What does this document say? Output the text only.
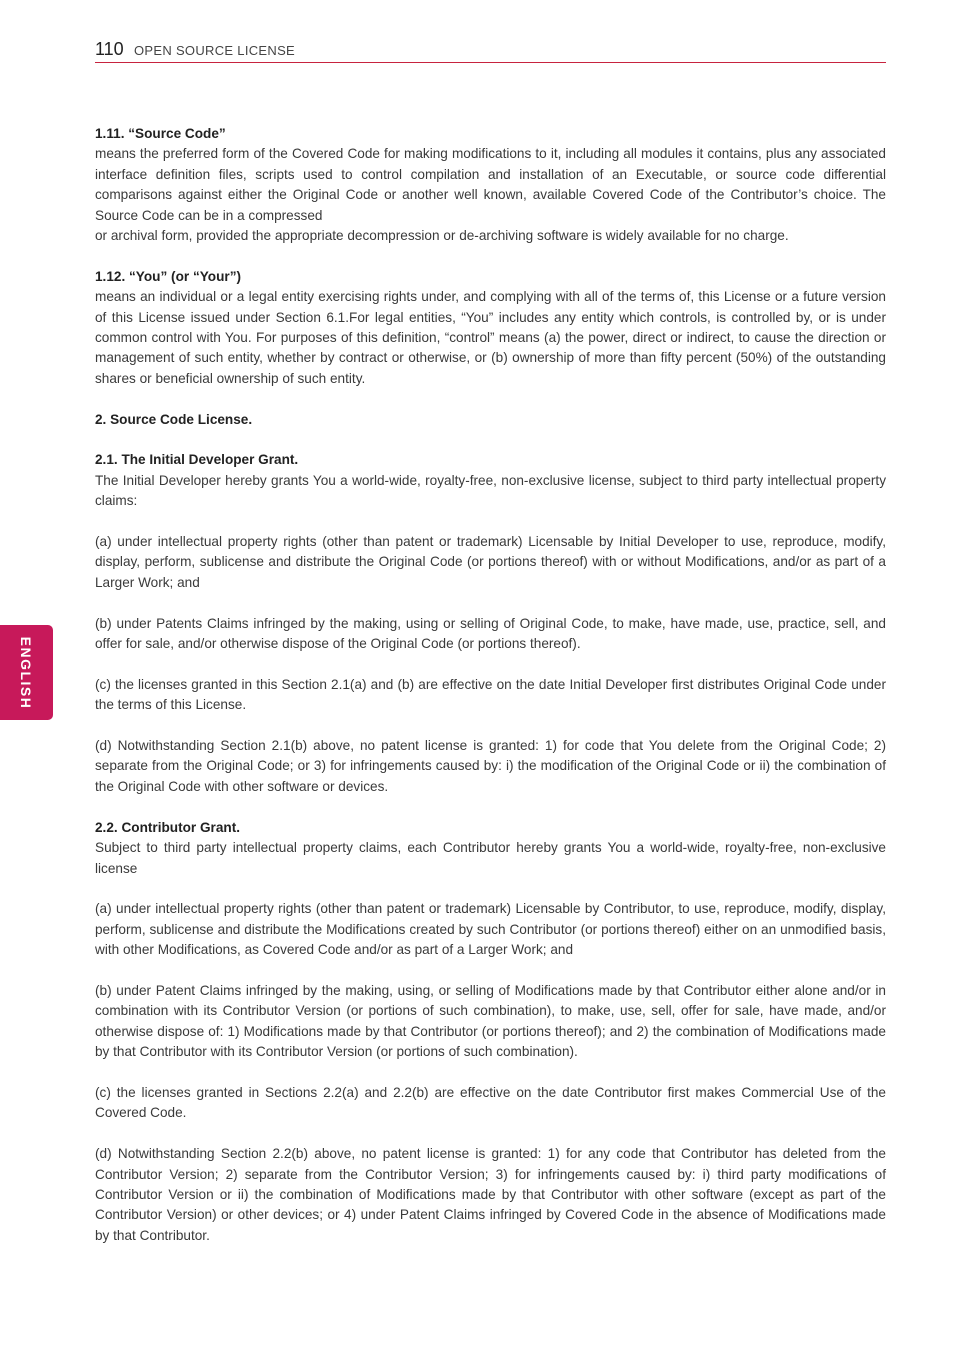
110 OPEN SOURCE LICENSE
ENGLISH
1.11. “Source Code”
means the preferred form of the Covered Code for making modifications to it, including all modules it contains, plus any associated interface definition files, scripts used to control compilation and installation of an Executable, or source code differential comparisons against either the Original Code or another well known, available Covered Code of the Contributor’s choice. The Source Code can be in a compressed
or archival form, provided the appropriate decompression or de-archiving software is widely available for no charge.
1.12. “You” (or “Your”)
means an individual or a legal entity exercising rights under, and complying with all of the terms of, this License or a future version of this License issued under Section 6.1.For legal entities, “You” includes any entity which controls, is controlled by, or is under common control with You. For purposes of this definition, “control” means (a) the power, direct or indirect, to cause the direction or management of such entity, whether by contract or otherwise, or (b) ownership of more than fifty percent (50%) of the outstanding shares or beneficial ownership of such entity.
2. Source Code License.
2.1. The Initial Developer Grant.
The Initial Developer hereby grants You a world-wide, royalty-free, non-exclusive license, subject to third party intellectual property claims:
(a) under intellectual property rights (other than patent or trademark) Licensable by Initial Developer to use, reproduce, modify, display, perform, sublicense and distribute the Original Code (or portions thereof) with or without Modifications, and/or as part of a Larger Work; and
(b) under Patents Claims infringed by the making, using or selling of Original Code, to make, have made, use, practice, sell, and offer for sale, and/or otherwise dispose of the Original Code (or portions thereof).
(c) the licenses granted in this Section 2.1(a) and (b) are effective on the date Initial Developer first distributes Original Code under the terms of this License.
(d) Notwithstanding Section 2.1(b) above, no patent license is granted: 1) for code that You delete from the Original Code; 2) separate from the Original Code; or 3) for infringements caused by: i) the modification of the Original Code or ii) the combination of the Original Code with other software or devices.
2.2. Contributor Grant.
Subject to third party intellectual property claims, each Contributor hereby grants You a world-wide, royalty-free, non-exclusive license
(a) under intellectual property rights (other than patent or trademark) Licensable by Contributor, to use, reproduce, modify, display, perform, sublicense and distribute the Modifications created by such Contributor (or portions thereof) either on an unmodified basis, with other Modifications, as Covered Code and/or as part of a Larger Work; and
(b) under Patent Claims infringed by the making, using, or selling of Modifications made by that Contributor either alone and/or in combination with its Contributor Version (or portions of such combination), to make, use, sell, offer for sale, have made, and/or otherwise dispose of: 1) Modifications made by that Contributor (or portions thereof); and 2) the combination of Modifications made by that Contributor with its Contributor Version (or portions of such combination).
(c) the licenses granted in Sections 2.2(a) and 2.2(b) are effective on the date Contributor first makes Commercial Use of the Covered Code.
(d) Notwithstanding Section 2.2(b) above, no patent license is granted: 1) for any code that Contributor has deleted from the Contributor Version; 2) separate from the Contributor Version; 3) for infringements caused by: i) third party modifications of Contributor Version or ii) the combination of Modifications made by that Contributor with other software (except as part of the Contributor Version) or other devices; or 4) under Patent Claims infringed by Covered Code in the absence of Modifications made by that Contributor.
